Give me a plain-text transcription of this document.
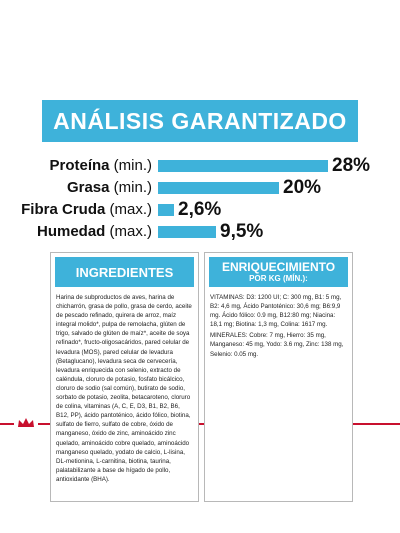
ANÁLISIS GARANTIZADO
Proteína (min.)	28%
Grasa (min.)	20%
Fibra Cruda (max.) 2,6%
Humedad (max.)	9,5%
INGREDIENTES

Harina de subproductos de aves, harina de chicharrón, grasa de pollo, grasa de cerdo, aceite de pescado refinado, quirera de arroz, maíz integral molido*, pulpa de remolacha, glúten de trigo, salvado de glúten de maíz*, aceite de soya refinado*, fructo-oligosacáridos, pared celular de levadura (MOS), pared celular de levadura (Betaglucano), levadura seca de cervecería, levadura enriquecida con selenio, extracto de caléndula, cloruro de potasio, fosfato bicálcico, cloruro de sodio (sal común), butirato de sodio, sorbato de potasio, zeolita, betacaroteno, cloruro de colina, vitaminas (A, C, E, D3, B1, B2, B6, B12, PP), ácido pantoténico, ácido fólico, biotina, sulfato de fierro, sulfato de cobre, óxido de manganeso, óxido de zinc, aminoácido zinc quelado, aminoácido cobre quelado, aminoácido manganeso quelado, yodato de calcio, L-lisina, DL-metionina, L-carnitina, biotina, taurina, palatabilizante a base de hígado de pollo, antioxidante (BHA).

ENRIQUECIMIENTO
POR KG (MÍN.):

VITAMINAS: D3: 1200 UI; C: 300 mg, B1: 5 mg, B2: 4,6 mg, Ácido Pantoténico: 30,6 mg; B6:9,9 mg. Ácido fólico: 0.9 mg, B12:80 mg; Niacina: 18,1 mg; Biotina: 1,3 mg, Colina: 1617 mg.

MINERALES: Cobre: 7 mg, Hierro: 35 mg, Manganeso: 45 mg, Yodo: 3.6 mg, Zinc: 138 mg, Selenio: 0.05 mg.
